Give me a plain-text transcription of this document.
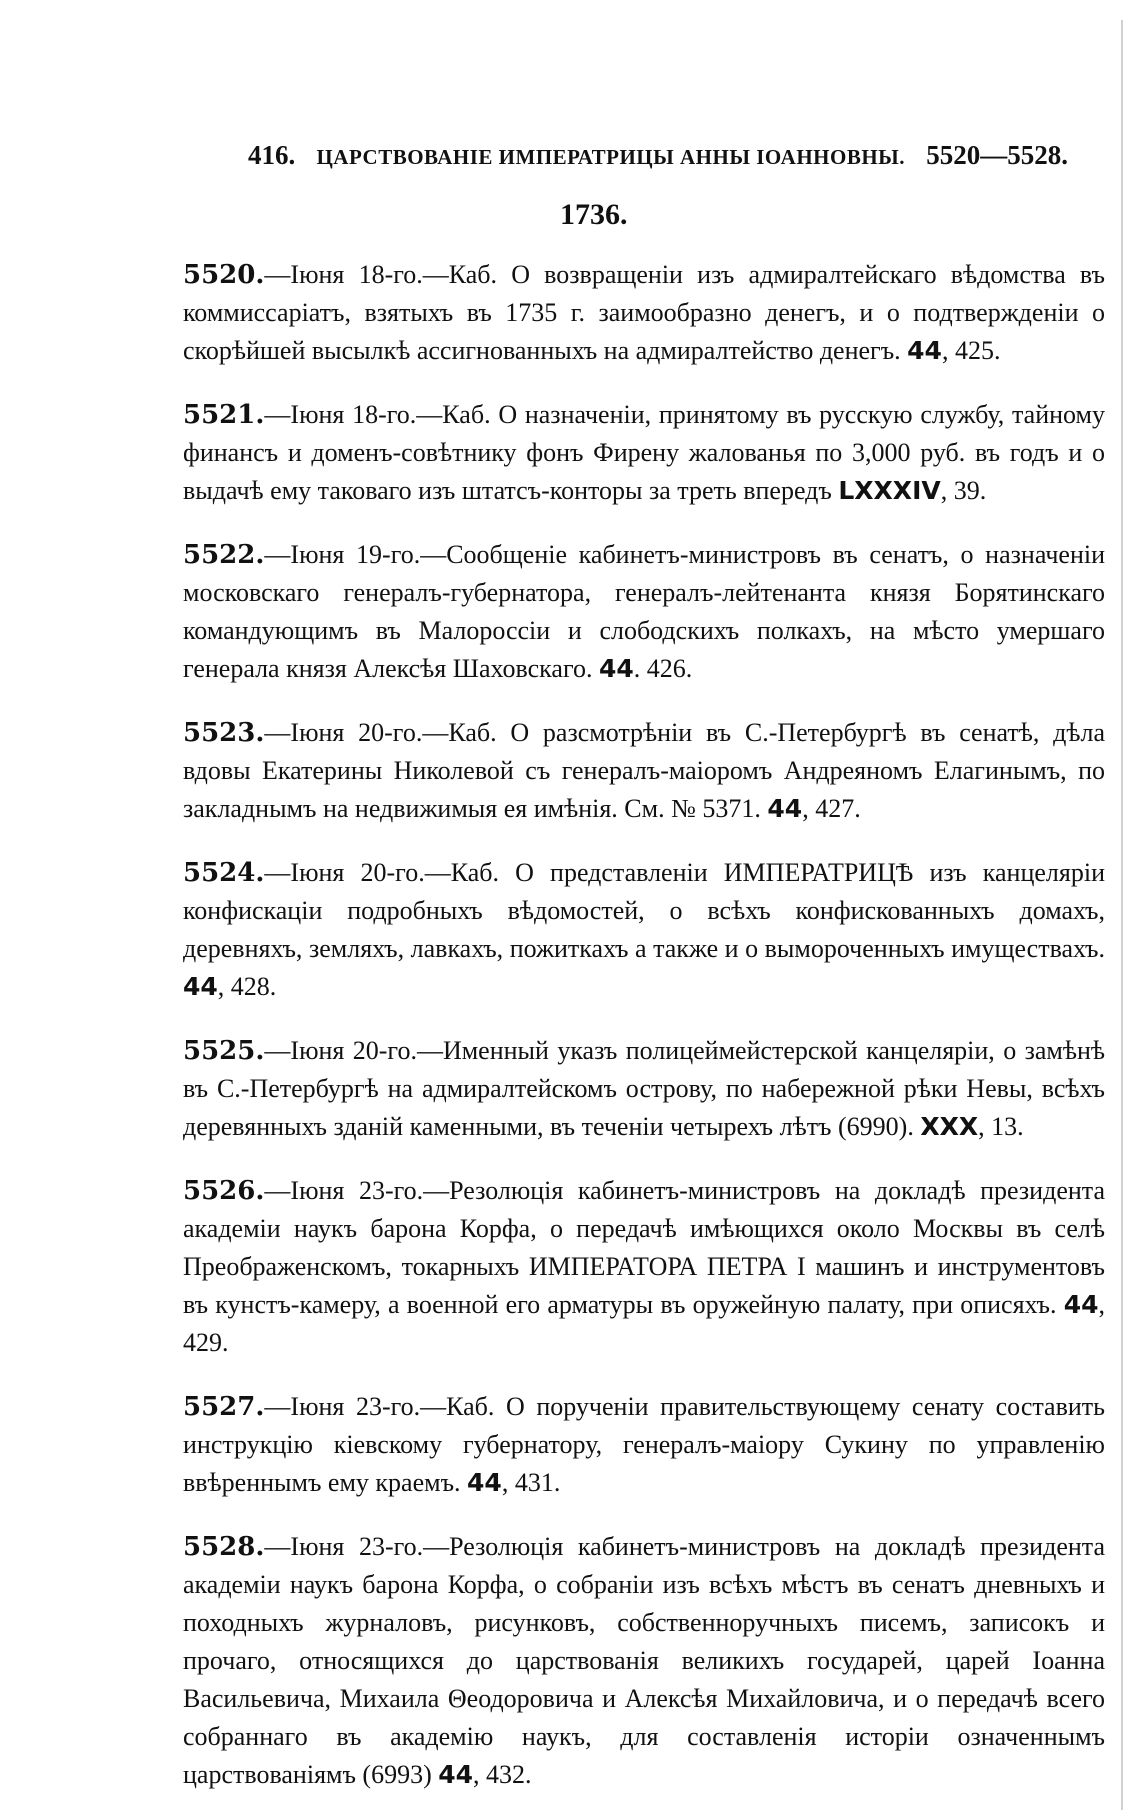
416. ЦАРСТВОВАНІЕ ИМПЕРАТРИЦЫ АННЫ ІОАННОВНЫ. 5520—5528.
1736.

5520.—Іюня 18-го.—Каб. О возвращеніи изъ адмиралтейскаго вѣдомства въ коммиссаріатъ, взятыхъ въ 1735 г. заимообразно денегъ, и о подтвержденіи о скорѣйшей высылкѣ ассигнованныхъ на адмиралтейство денегъ. 44, 425.

5521.—Іюня 18-го.—Каб. О назначеніи, принятому въ русскую службу, тайному финансъ и доменъ-совѣтнику фонъ Фирену жалованья по 3,000 руб. въ годъ и о выдачѣ ему таковаго изъ штатсъ-конторы за треть впередъ LXXXIV, 39.

5522.—Іюня 19-го.—Сообщеніе кабинетъ-министровъ въ сенатъ, о назначеніи московскаго генералъ-губернатора, генералъ-лейтенанта князя Борятинскаго командующимъ въ Малороссіи и слободскихъ полкахъ, на мѣсто умершаго генерала князя Алексѣя Шаховскаго. 44. 426.

5523.—Іюня 20-го.—Каб. О разсмотрѣніи въ С.-Петербургѣ въ сенатѣ, дѣла вдовы Екатерины Николевой съ генералъ-маіоромъ Андреяномъ Елагинымъ, по закладнымъ на недвижимыя ея имѣнія. См. № 5371. 44, 427.

5524.—Іюня 20-го.—Каб. О представленіи ИМПЕРАТРИЦѢ изъ канцеляріи конфискаціи подробныхъ вѣдомостей, о всѣхъ конфискованныхъ домахъ, деревняхъ, земляхъ, лавкахъ, пожиткахъ а также и о вымороченныхъ имуществахъ. 44, 428.

5525.—Іюня 20-го.—Именный указъ полицеймейстерской канцеляріи, о замѣнѣ въ С.-Петербургѣ на адмиралтейскомъ острову, по набережной рѣки Невы, всѣхъ деревянныхъ зданій каменными, въ теченіи четырехъ лѣтъ (6990). XXX, 13.

5526.—Іюня 23-го.—Резолюція кабинетъ-министровъ на докладѣ президента академіи наукъ барона Корфа, о передачѣ имѣющихся около Москвы въ селѣ Преображенскомъ, токарныхъ ИМПЕРАТОРА ПЕТРА I машинъ и инструментовъ въ кунстъ-камеру, а военной его арматуры въ оружейную палату, при описяхъ. 44, 429.

5527.—Іюня 23-го.—Каб. О порученіи правительствующему сенату составить инструкцію кіевскому губернатору, генералъ-маіору Сукину по управленію ввѣреннымъ ему краемъ. 44, 431.

5528.—Іюня 23-го.—Резолюція кабинетъ-министровъ на докладѣ президента академіи наукъ барона Корфа, о собраніи изъ всѣхъ мѣстъ въ сенатъ дневныхъ и походныхъ журналовъ, рисунковъ, собственноручныхъ писемъ, записокъ и прочаго, относящихся до царствованія великихъ государей, царей Іоанна Васильевича, Михаила Θеодоровича и Алексѣя Михайловича, и о передачѣ всего собраннаго въ академію наукъ, для составленія исторіи означеннымъ царствованіямъ (6993) 44, 432.
